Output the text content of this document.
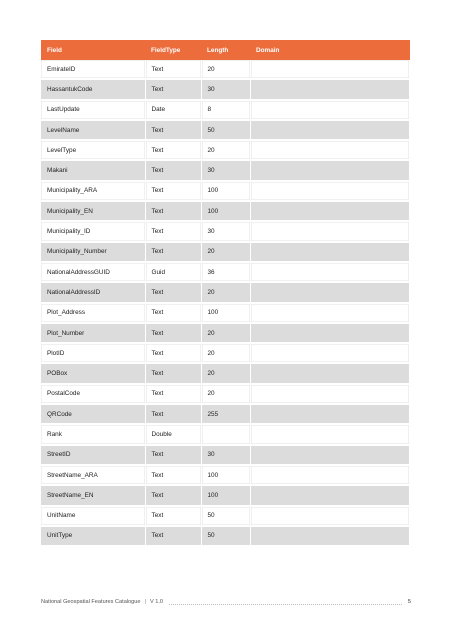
Field	FieldType	Length	Domain
EmirateID	Text	20	
HassantukCode	Text	30	
LastUpdate	Date	8	
LevelName	Text	50	
LevelType	Text	20	
Makani	Text	30	
Municipality_ARA	Text	100	
Municipality_EN	Text	100	
Municipality_ID	Text	30	
Municipality_Number	Text	20	
NationalAddressGUID	Guid	36	
NationalAddressID	Text	20	
Plot_Address	Text	100	
Plot_Number	Text	20	
PlotID	Text	20	
POBox	Text	20	
PostalCode	Text	20	
QRCode	Text	255	
Rank	Double		
StreetID	Text	30	
StreetName_ARA	Text	100	
StreetName_EN	Text	100	
UnitName	Text	50	
UnitType	Text	50	
National Geospatial Features Catalogue | V 1.0	5
